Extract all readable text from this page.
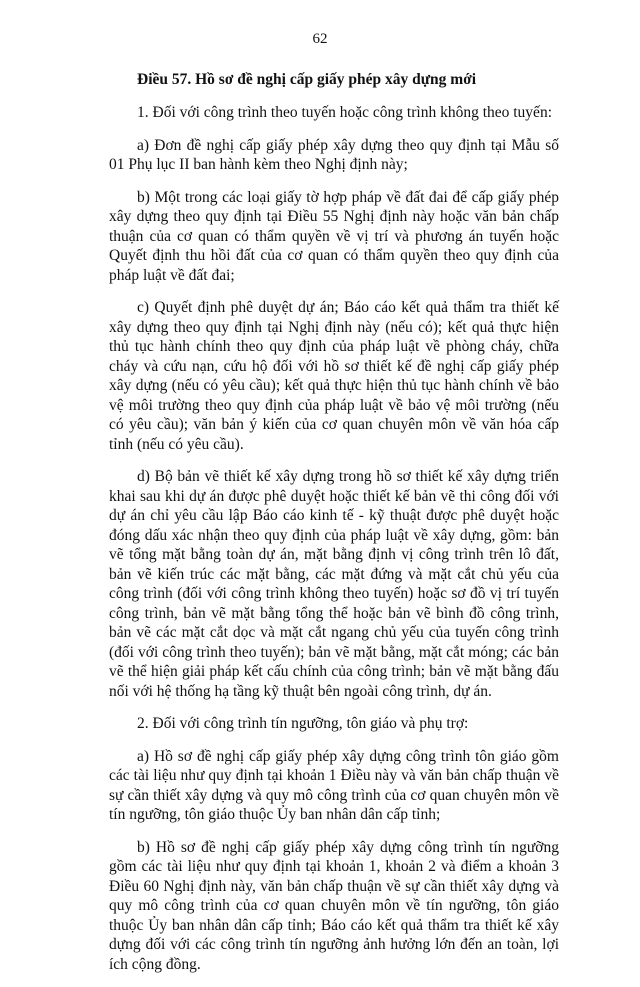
62
Điều 57. Hồ sơ đề nghị cấp giấy phép xây dựng mới

1. Đối với công trình theo tuyến hoặc công trình không theo tuyến:

a) Đơn đề nghị cấp giấy phép xây dựng theo quy định tại Mẫu số 01 Phụ lục II ban hành kèm theo Nghị định này;

b) Một trong các loại giấy tờ hợp pháp về đất đai để cấp giấy phép xây dựng theo quy định tại Điều 55 Nghị định này hoặc văn bản chấp thuận của cơ quan có thẩm quyền về vị trí và phương án tuyến hoặc Quyết định thu hồi đất của cơ quan có thẩm quyền theo quy định của pháp luật về đất đai;

c) Quyết định phê duyệt dự án; Báo cáo kết quả thẩm tra thiết kế xây dựng theo quy định tại Nghị định này (nếu có); kết quả thực hiện thủ tục hành chính theo quy định của pháp luật về phòng cháy, chữa cháy và cứu nạn, cứu hộ đối với hồ sơ thiết kế đề nghị cấp giấy phép xây dựng (nếu có yêu cầu); kết quả thực hiện thủ tục hành chính về bảo vệ môi trường theo quy định của pháp luật về bảo vệ môi trường (nếu có yêu cầu); văn bản ý kiến của cơ quan chuyên môn về văn hóa cấp tỉnh (nếu có yêu cầu).

d) Bộ bản vẽ thiết kế xây dựng trong hồ sơ thiết kế xây dựng triển khai sau khi dự án được phê duyệt hoặc thiết kế bản vẽ thi công đối với dự án chỉ yêu cầu lập Báo cáo kinh tế - kỹ thuật được phê duyệt hoặc đóng dấu xác nhận theo quy định của pháp luật về xây dựng, gồm: bản vẽ tổng mặt bằng toàn dự án, mặt bằng định vị công trình trên lô đất, bản vẽ kiến trúc các mặt bằng, các mặt đứng và mặt cắt chủ yếu của công trình (đối với công trình không theo tuyến) hoặc sơ đồ vị trí tuyến công trình, bản vẽ mặt bằng tổng thể hoặc bản vẽ bình đồ công trình, bản vẽ các mặt cắt dọc và mặt cắt ngang chủ yếu của tuyến công trình (đối với công trình theo tuyến); bản vẽ mặt bằng, mặt cắt móng; các bản vẽ thể hiện giải pháp kết cấu chính của công trình; bản vẽ mặt bằng đấu nối với hệ thống hạ tầng kỹ thuật bên ngoài công trình, dự án.

2. Đối với công trình tín ngưỡng, tôn giáo và phụ trợ:

a) Hồ sơ đề nghị cấp giấy phép xây dựng công trình tôn giáo gồm các tài liệu như quy định tại khoản 1 Điều này và văn bản chấp thuận về sự cần thiết xây dựng và quy mô công trình của cơ quan chuyên môn về tín ngưỡng, tôn giáo thuộc Ủy ban nhân dân cấp tỉnh;

b) Hồ sơ đề nghị cấp giấy phép xây dựng công trình tín ngưỡng gồm các tài liệu như quy định tại khoản 1, khoản 2 và điểm a khoản 3 Điều 60 Nghị định này, văn bản chấp thuận về sự cần thiết xây dựng và quy mô công trình của cơ quan chuyên môn về tín ngưỡng, tôn giáo thuộc Ủy ban nhân dân cấp tỉnh; Báo cáo kết quả thẩm tra thiết kế xây dựng đối với các công trình tín ngưỡng ảnh hưởng lớn đến an toàn, lợi ích cộng đồng.
